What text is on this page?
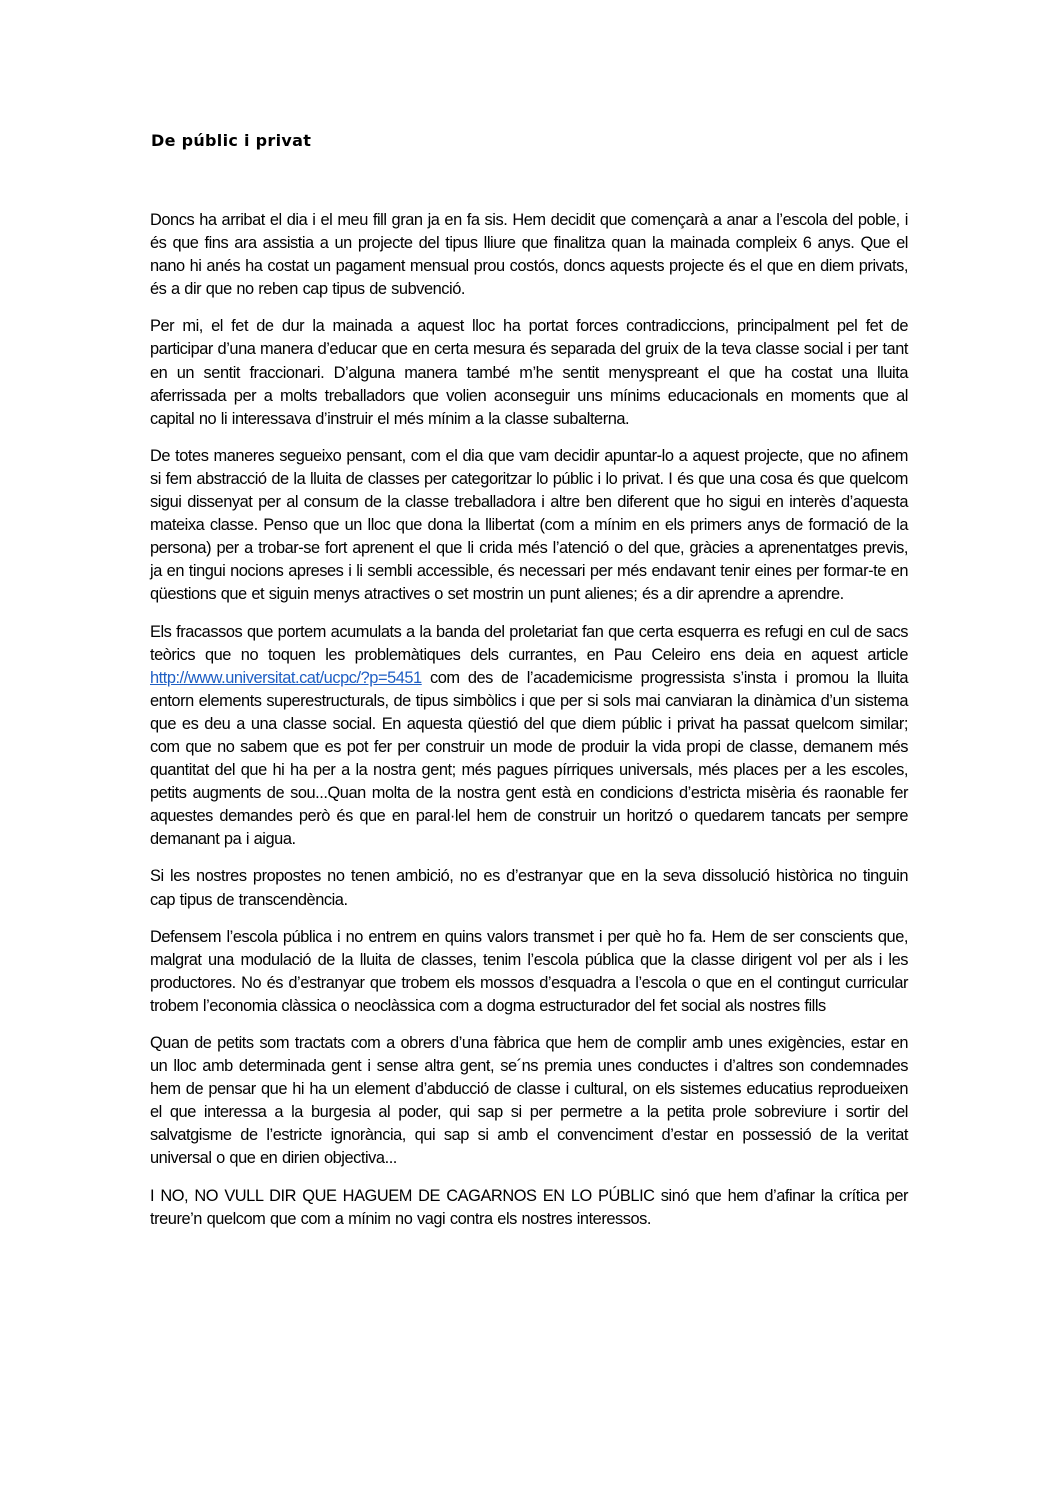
De públic i privat

Doncs ha arribat el dia i el meu fill gran ja en fa sis. Hem decidit que començarà a anar a l’escola del poble, i és que fins ara assistia a un projecte del tipus lliure que finalitza quan la mainada compleix 6 anys. Que el nano hi anés ha costat un pagament mensual prou costós, doncs aquests projecte és el que en diem privats, és a dir que no reben cap tipus de subvenció.

Per mi, el fet de dur la mainada a aquest lloc ha portat forces contradiccions, principalment pel fet de participar d’una manera d’educar que en certa mesura és separada del gruix de la teva classe social i per tant en un sentit fraccionari. D’alguna manera també m’he sentit menyspreant el que ha costat una lluita aferrissada per a molts treballadors que volien aconseguir uns mínims educacionals en moments que al capital no li interessava d’instruir el més mínim a la classe subalterna.

De totes maneres segueixo pensant, com el dia que vam decidir apuntar-lo a aquest projecte, que no afinem si fem abstracció de la lluita de classes per categoritzar lo públic i lo privat. I és que una cosa és que quelcom sigui dissenyat per al consum de la classe treballadora i altre ben diferent que ho sigui en interès d’aquesta mateixa classe. Penso que un lloc que dona la llibertat (com a mínim en els primers anys de formació de la persona) per a trobar-se fort aprenent el que li crida més l’atenció o del que, gràcies a aprenentatges previs, ja en tingui nocions apreses i li sembli accessible, és necessari per més endavant tenir eines per formar-te en qüestions que et siguin menys atractives o set mostrin un punt alienes; és a dir aprendre a aprendre.

Els fracassos que portem acumulats a la banda del proletariat fan que certa esquerra es refugi en cul de sacs teòrics que no toquen les problemàtiques dels currantes, en Pau Celeiro ens deia en aquest article http://www.universitat.cat/ucpc/?p=5451 com des de l’academicisme progressista s’insta i promou la lluita entorn elements superestructurals, de tipus simbòlics i que per si sols mai canviaran la dinàmica d’un sistema que es deu a una classe social. En aquesta qüestió del que diem públic i privat ha passat quelcom similar; com que no sabem que es pot fer per construir un mode de produir la vida propi de classe, demanem més quantitat del que hi ha per a la nostra gent; més pagues pírriques universals, més places per a les escoles, petits augments de sou...Quan molta de la nostra gent està en condicions d’estricta misèria és raonable fer aquestes demandes però és que en paral·lel hem de construir un horitzó o quedarem tancats per sempre demanant pa i aigua.

Si les nostres propostes no tenen ambició, no es d’estranyar que en la seva dissolució històrica no tinguin cap tipus de transcendència.

Defensem l’escola pública i no entrem en quins valors transmet i per què ho fa. Hem de ser conscients que, malgrat una modulació de la lluita de classes, tenim l’escola pública que la classe dirigent vol per als i les productores. No és d’estranyar que trobem els mossos d’esquadra a l’escola o que en el contingut curricular trobem l’economia clàssica o neoclàssica com a dogma estructurador del fet social als nostres fills

Quan de petits som tractats com a obrers d’una fàbrica que hem de complir amb unes exigències, estar en un lloc amb determinada gent i sense altra gent, se´ns premia unes conductes i d’altres son condemnades hem de pensar que hi ha un element d’abducció de classe i cultural, on els sistemes educatius reprodueixen el que interessa a la burgesia al poder, qui sap si per permetre a la petita prole sobreviure i sortir del salvatgisme de l’estricte ignorància, qui sap si amb el convenciment d’estar en possessió de la veritat universal o que en dirien objectiva...

I NO, NO VULL DIR QUE HAGUEM DE CAGARNOS EN LO PÚBLIC sinó que hem d’afinar la crítica per treure’n quelcom que com a mínim no vagi contra els nostres interessos.
